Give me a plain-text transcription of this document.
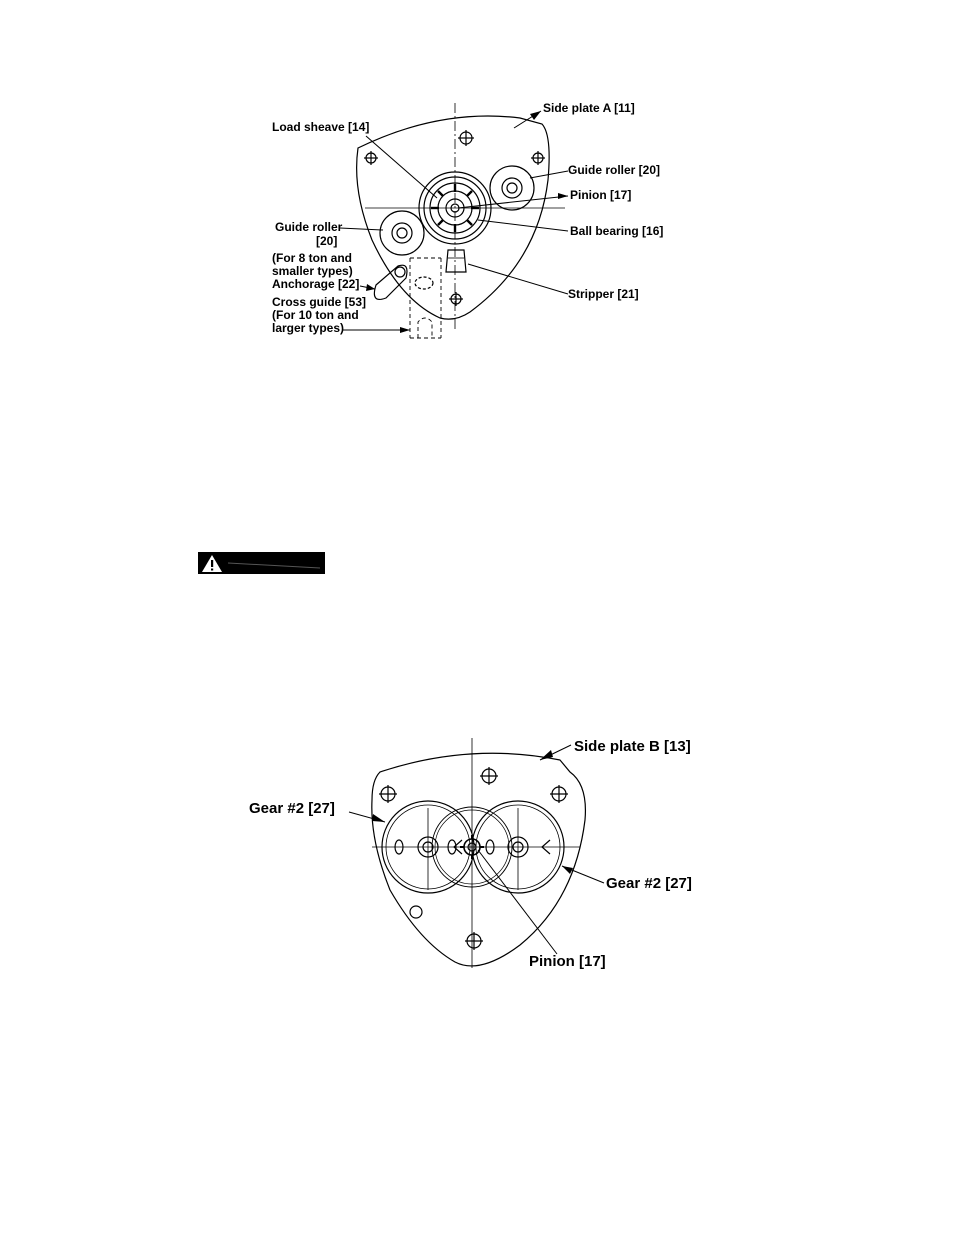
Side plate A [11]
Load sheave [14]
Guide roller [20]
Pinion [17]
Ball bearing [16]
Guide roller
[20]
(For 8 ton and
smaller types)
Anchorage [22]
Cross guide [53]
(For 10 ton and
larger types)
Stripper [21]
Side plate B [13]
Gear #2 [27]
Gear #2 [27]
Pinion [17]
